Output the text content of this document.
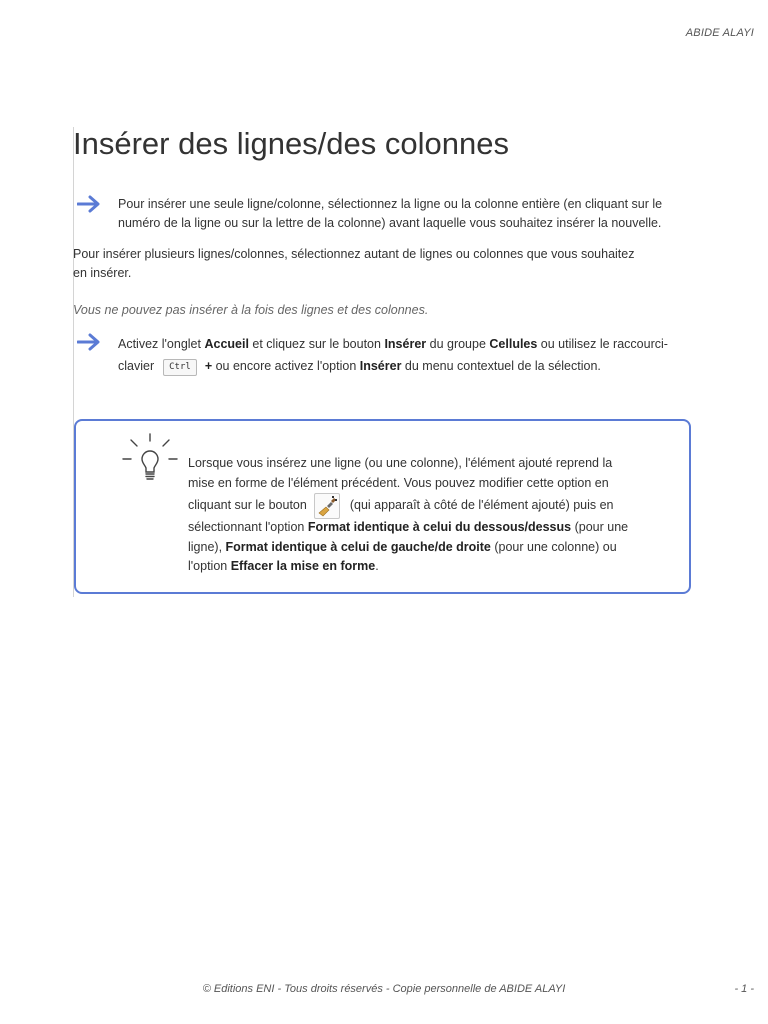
ABIDE ALAYI
Insérer des lignes/des colonnes

Pour insérer une seule ligne/colonne, sélectionnez la ligne ou la colonne entière (en cliquant sur le numéro de la ligne ou sur la lettre de la colonne) avant laquelle vous souhaitez insérer la nouvelle.

Pour insérer plusieurs lignes/colonnes, sélectionnez autant de lignes ou colonnes que vous souhaitez
en insérer.

Vous ne pouvez pas insérer à la fois des lignes et des colonnes.

Activez l'onglet Accueil et cliquez sur le bouton Insérer du groupe Cellules ou utilisez le raccourci-clavier Ctrl + ou encore activez l'option Insérer du menu contextuel de la sélection.

Lorsque vous insérez une ligne (ou une colonne), l'élément ajouté reprend la
mise en forme de l'élément précédent. Vous pouvez modifier cette option en
cliquant sur le bouton	(qui apparaît à côté de l'élément ajouté) puis en
sélectionnant l'option Format identique à celui du dessous/dessus (pour une
ligne), Format identique à celui de gauche/de droite (pour une colonne) ou
l'option Effacer la mise en forme.

© Editions ENI - Tous droits réservés - Copie personnelle de ABIDE ALAYI	- 1 -
